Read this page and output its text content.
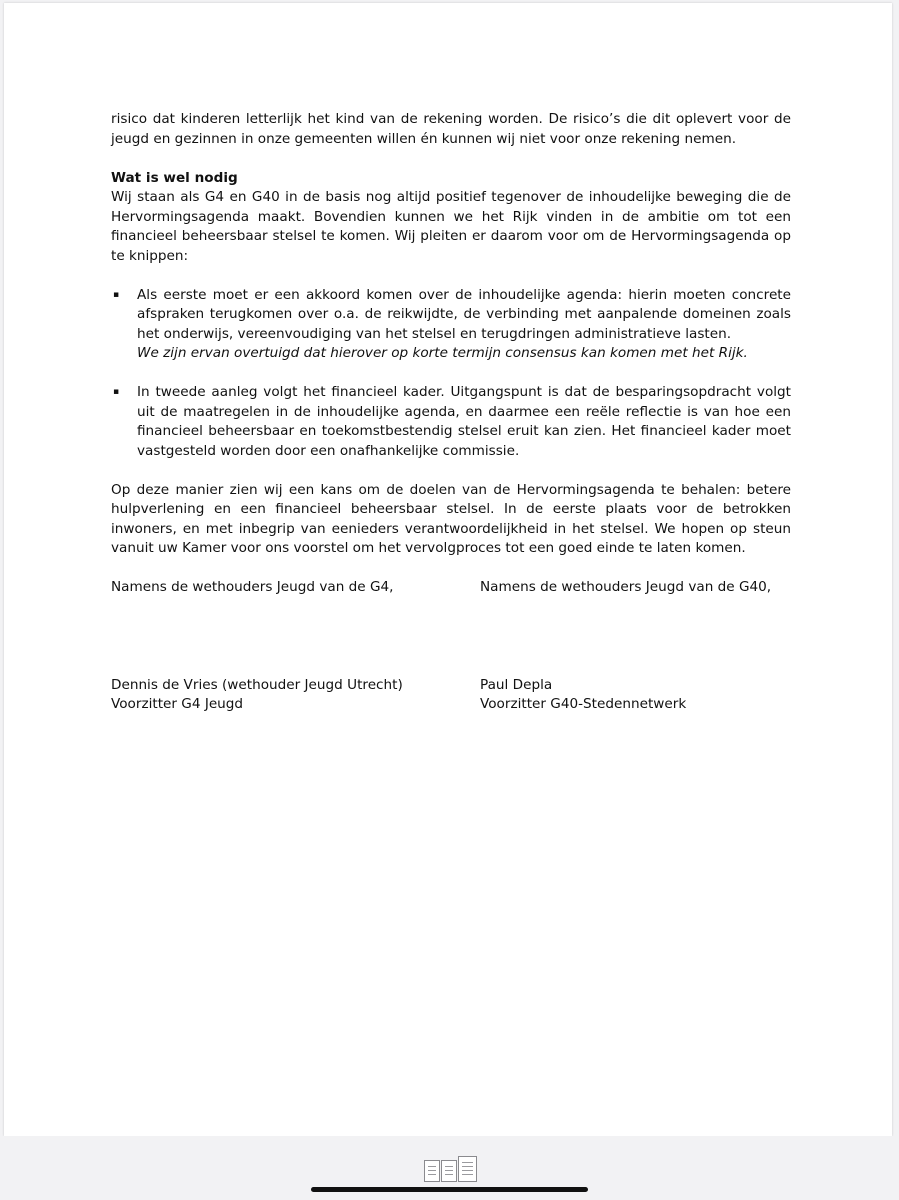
risico dat kinderen letterlijk het kind van de rekening worden. De risico’s die dit oplevert voor de jeugd en gezinnen in onze gemeenten willen én kunnen wij niet voor onze rekening nemen.

Wat is wel nodig

Wij staan als G4 en G40 in de basis nog altijd positief tegenover de inhoudelijke beweging die de Hervormingsagenda maakt. Bovendien kunnen we het Rijk vinden in de ambitie om tot een financieel beheersbaar stelsel te komen. Wij pleiten er daarom voor om de Hervormingsagenda op te knippen:

▪	Als eerste moet er een akkoord komen over de inhoudelijke agenda: hierin moeten concrete afspraken terugkomen over o.a. de reikwijdte, de verbinding met aanpalende domeinen zoals het onderwijs, vereenvoudiging van het stelsel en terugdringen administratieve lasten.

We zijn ervan overtuigd dat hierover op korte termijn consensus kan komen met het Rijk.

▪	In tweede aanleg volgt het financieel kader. Uitgangspunt is dat de besparingsopdracht volgt uit de maatregelen in de inhoudelijke agenda, en daarmee een reële reflectie is van hoe een financieel beheersbaar en toekomstbestendig stelsel eruit kan zien. Het financieel kader moet vastgesteld worden door een onafhankelijke commissie.

Op deze manier zien wij een kans om de doelen van de Hervormingsagenda te behalen: betere hulpverlening en een financieel beheersbaar stelsel. In de eerste plaats voor de betrokken inwoners, en met inbegrip van eenieders verantwoordelijkheid in het stelsel. We hopen op steun vanuit uw Kamer voor ons voorstel om het vervolgproces tot een goed einde te laten komen.

Namens de wethouders Jeugd van de G4,

Dennis de Vries (wethouder Jeugd Utrecht)

Voorzitter G4 Jeugd

Namens de wethouders Jeugd van de G40,

Paul Depla

Voorzitter G40-Stedennetwerk
